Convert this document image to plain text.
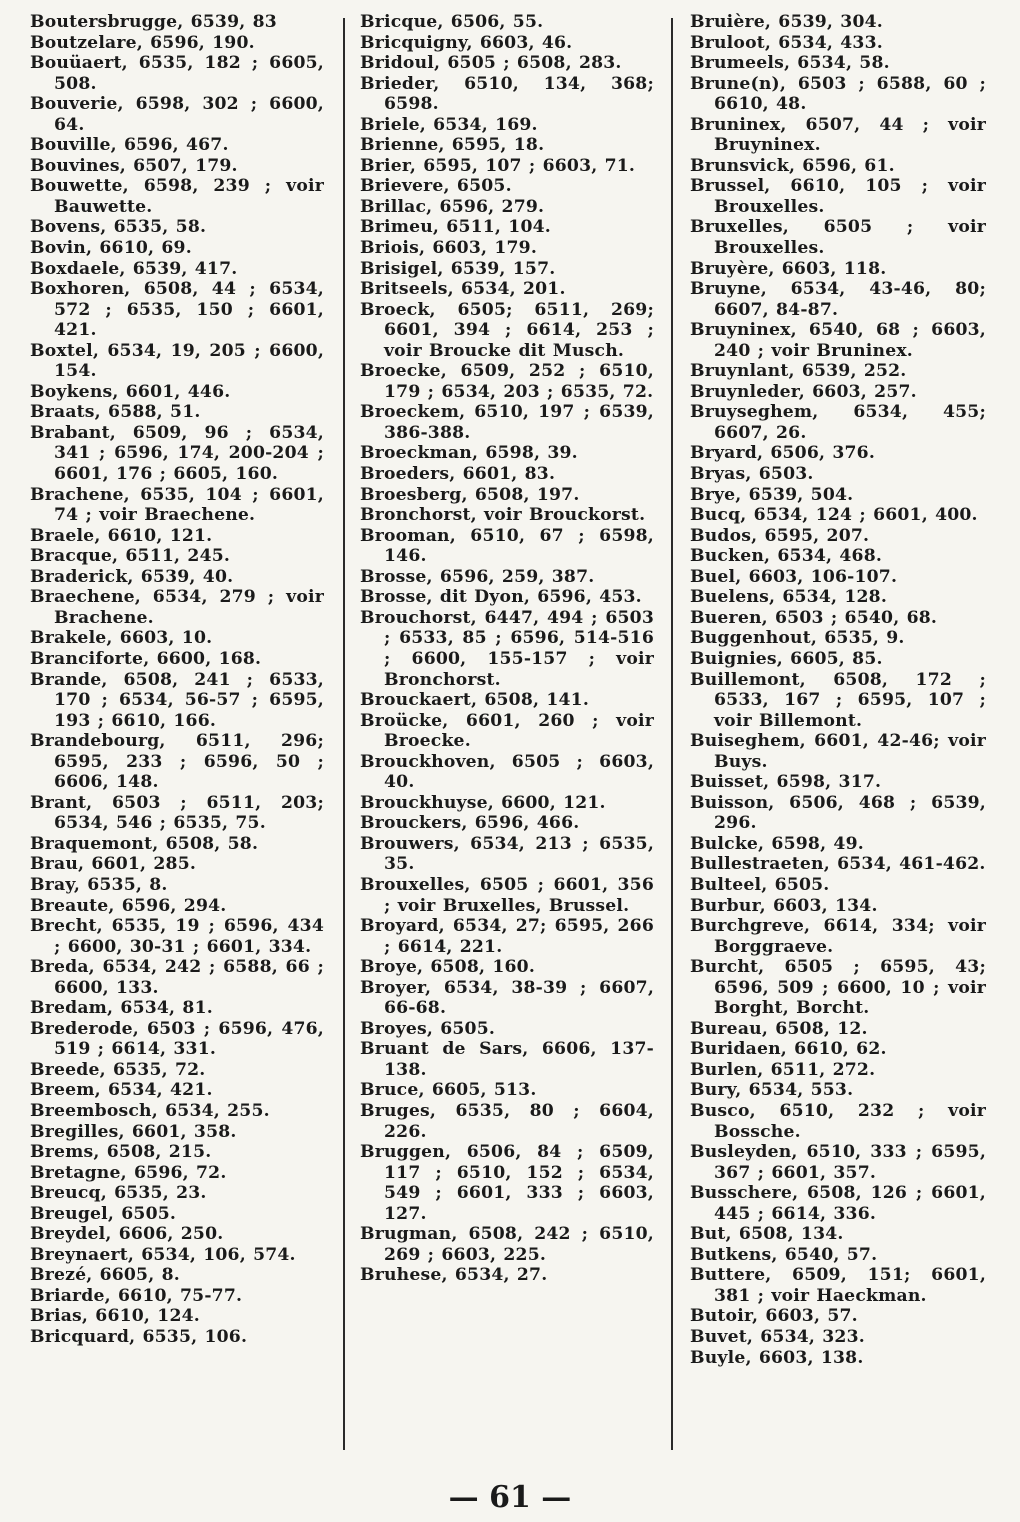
Boutersbrugge, 6539, 83
Boutzelare, 6596, 190.
Bouüaert, 6535, 182 ; 6605, 508.
Bouverie, 6598, 302 ; 6600, 64.
Bouville, 6596, 467.
Bouvines, 6507, 179.
Bouwette, 6598, 239 ; voir Bauwette.
Bovens, 6535, 58.
Bovin, 6610, 69.
Boxdaele, 6539, 417.
Boxhoren, 6508, 44 ; 6534, 572 ; 6535, 150 ; 6601, 421.
Boxtel, 6534, 19, 205 ; 6600, 154.
Boykens, 6601, 446.
Braats, 6588, 51.
Brabant, 6509, 96 ; 6534, 341 ; 6596, 174, 200-204 ; 6601, 176 ; 6605, 160.
Brachene, 6535, 104 ; 6601, 74 ; voir Braechene.
Braele, 6610, 121.
Bracque, 6511, 245.
Braderick, 6539, 40.
Braechene, 6534, 279 ; voir Brachene.
Brakele, 6603, 10.
Branciforte, 6600, 168.
Brande, 6508, 241 ; 6533, 170 ; 6534, 56-57 ; 6595, 193 ; 6610, 166.
Brandebourg, 6511, 296; 6595, 233 ; 6596, 50 ; 6606, 148.
Brant, 6503 ; 6511, 203; 6534, 546 ; 6535, 75.
Braquemont, 6508, 58.
Brau, 6601, 285.
Bray, 6535, 8.
Breaute, 6596, 294.
Brecht, 6535, 19 ; 6596, 434 ; 6600, 30-31 ; 6601, 334.
Breda, 6534, 242 ; 6588, 66 ; 6600, 133.
Bredam, 6534, 81.
Brederode, 6503 ; 6596, 476, 519 ; 6614, 331.
Breede, 6535, 72.
Breem, 6534, 421.
Breembosch, 6534, 255.
Bregilles, 6601, 358.
Brems, 6508, 215.
Bretagne, 6596, 72.
Breucq, 6535, 23.
Breugel, 6505.
Breydel, 6606, 250.
Breynaert, 6534, 106, 574.
Brezé, 6605, 8.
Briarde, 6610, 75-77.
Brias, 6610, 124.
Bricquard, 6535, 106.
Bricque, 6506, 55.
Bricquigny, 6603, 46.
Bridoul, 6505 ; 6508, 283.
Brieder, 6510, 134, 368; 6598.
Briele, 6534, 169.
Brienne, 6595, 18.
Brier, 6595, 107 ; 6603, 71.
Brievere, 6505.
Brillac, 6596, 279.
Brimeu, 6511, 104.
Briois, 6603, 179.
Brisigel, 6539, 157.
Britseels, 6534, 201.
Broeck, 6505; 6511, 269; 6601, 394 ; 6614, 253 ; voir Broucke dit Musch.
Broecke, 6509, 252 ; 6510, 179 ; 6534, 203 ; 6535, 72.
Broeckem, 6510, 197 ; 6539, 386-388.
Broeckman, 6598, 39.
Broeders, 6601, 83.
Broesberg, 6508, 197.
Bronchorst, voir Brouckorst.
Brooman, 6510, 67 ; 6598, 146.
Brosse, 6596, 259, 387.
Brosse, dit Dyon, 6596, 453.
Brouchorst, 6447, 494 ; 6503 ; 6533, 85 ; 6596, 514-516 ; 6600, 155-157 ; voir Bronchorst.
Brouckaert, 6508, 141.
Broücke, 6601, 260 ; voir Broecke.
Brouckhoven, 6505 ; 6603, 40.
Brouckhuyse, 6600, 121.
Brouckers, 6596, 466.
Brouwers, 6534, 213 ; 6535, 35.
Brouxelles, 6505 ; 6601, 356 ; voir Bruxelles, Brussel.
Broyard, 6534, 27; 6595, 266 ; 6614, 221.
Broye, 6508, 160.
Broyer, 6534, 38-39 ; 6607, 66-68.
Broyes, 6505.
Bruant de Sars, 6606, 137-138.
Bruce, 6605, 513.
Bruges, 6535, 80 ; 6604, 226.
Bruggen, 6506, 84 ; 6509, 117 ; 6510, 152 ; 6534, 549 ; 6601, 333 ; 6603, 127.
Brugman, 6508, 242 ; 6510, 269 ; 6603, 225.
Bruhese, 6534, 27.
Bruière, 6539, 304.
Bruloot, 6534, 433.
Brumeels, 6534, 58.
Brune(n), 6503 ; 6588, 60 ; 6610, 48.
Bruninex, 6507, 44 ; voir Bruyninex.
Brunsvick, 6596, 61.
Brussel, 6610, 105 ; voir Brouxelles.
Bruxelles, 6505 ; voir Brouxelles.
Bruyère, 6603, 118.
Bruyne, 6534, 43-46, 80; 6607, 84-87.
Bruyninex, 6540, 68 ; 6603, 240 ; voir Bruninex.
Bruynlant, 6539, 252.
Bruynleder, 6603, 257.
Bruyseghem, 6534, 455; 6607, 26.
Bryard, 6506, 376.
Bryas, 6503.
Brye, 6539, 504.
Bucq, 6534, 124 ; 6601, 400.
Budos, 6595, 207.
Bucken, 6534, 468.
Buel, 6603, 106-107.
Buelens, 6534, 128.
Bueren, 6503 ; 6540, 68.
Buggenhout, 6535, 9.
Buignies, 6605, 85.
Buillemont, 6508, 172 ; 6533, 167 ; 6595, 107 ; voir Billemont.
Buiseghem, 6601, 42-46; voir Buys.
Buisset, 6598, 317.
Buisson, 6506, 468 ; 6539, 296.
Bulcke, 6598, 49.
Bullestraeten, 6534, 461-462.
Bulteel, 6505.
Burbur, 6603, 134.
Burchgreve, 6614, 334; voir Borggraeve.
Burcht, 6505 ; 6595, 43; 6596, 509 ; 6600, 10 ; voir Borght, Borcht.
Bureau, 6508, 12.
Buridaen, 6610, 62.
Burlen, 6511, 272.
Bury, 6534, 553.
Busco, 6510, 232 ; voir Bossche.
Busleyden, 6510, 333 ; 6595, 367 ; 6601, 357.
Busschere, 6508, 126 ; 6601, 445 ; 6614, 336.
But, 6508, 134.
Butkens, 6540, 57.
Buttere, 6509, 151; 6601, 381 ; voir Haeckman.
Butoir, 6603, 57.
Buvet, 6534, 323.
Buyle, 6603, 138.
— 61 —
